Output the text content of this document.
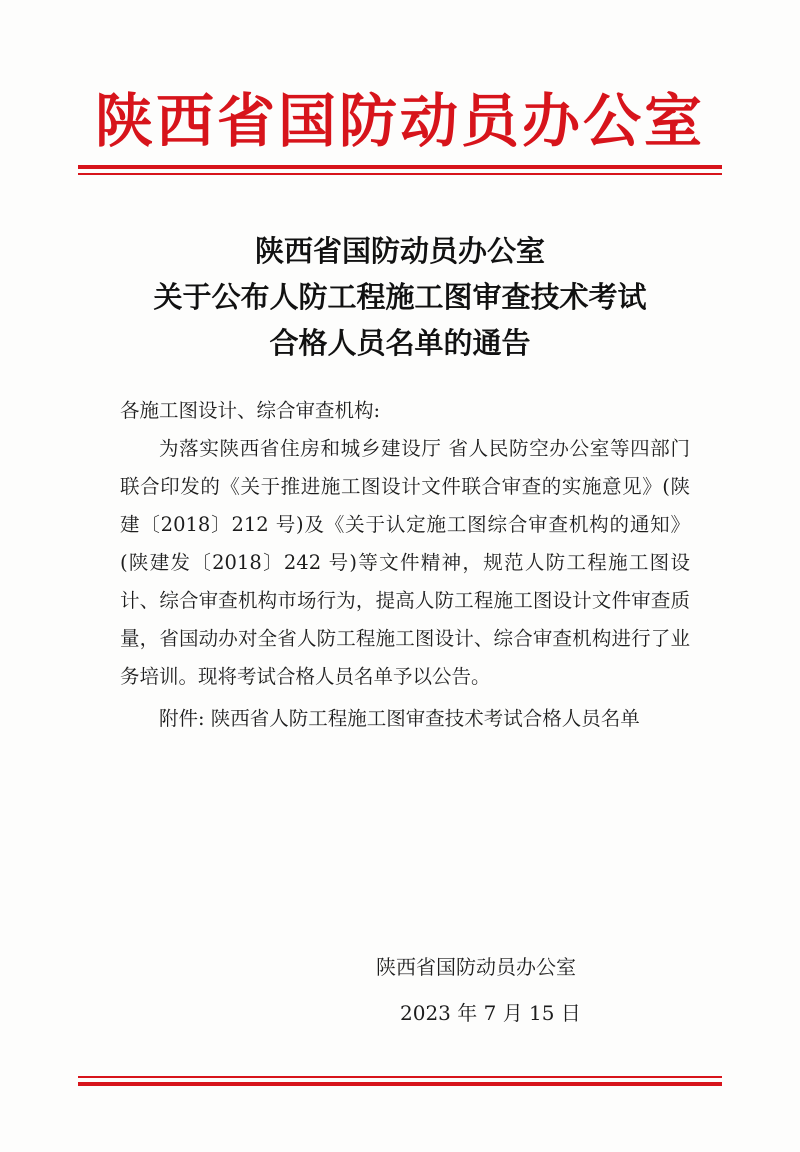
陕西省国防动员办公室
陕西省国防动员办公室
关于公布人防工程施工图审查技术考试
合格人员名单的通告
各施工图设计、综合审查机构:
为落实陕西省住房和城乡建设厅 省人民防空办公室等四部门联合印发的《关于推进施工图设计文件联合审查的实施意见》(陕建〔2018〕212 号)及《关于认定施工图综合审查机构的通知》(陕建发〔2018〕242 号)等文件精神，规范人防工程施工图设计、综合审查机构市场行为，提高人防工程施工图设计文件审查质量，省国动办对全省人防工程施工图设计、综合审查机构进行了业务培训。现将考试合格人员名单予以公告。
附件: 陕西省人防工程施工图审查技术考试合格人员名单
陕西省国防动员办公室
2023 年 7 月 15 日
